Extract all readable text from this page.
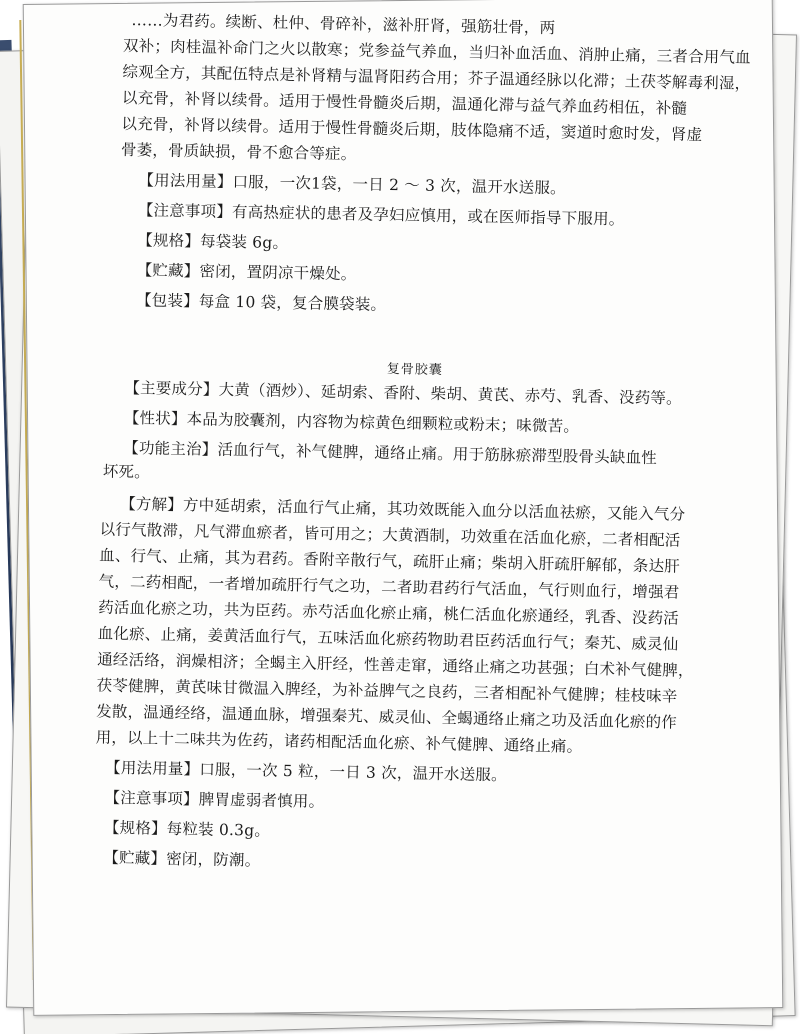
……为君药。续断、杜仲、骨碎补，滋补肝肾，强筋壮骨，两
双补；肉桂温补命门之火以散寒；党参益气养血，当归补血活血、消肿止痛，三者合用气血
综观全方，其配伍特点是补肾精与温肾阳药合用；芥子温通经脉以化滞；土茯苓解毒利湿，
以充骨，补肾以续骨。适用于慢性骨髓炎后期，温通化滞与益气养血药相伍，补髓
以充骨，补肾以续骨。适用于慢性骨髓炎后期，肢体隐痛不适，窦道时愈时发，肾虚
骨萎，骨质缺损，骨不愈合等症。
【用法用量】口服，一次1袋，一日 2 ～ 3 次，温开水送服。
【注意事项】有高热症状的患者及孕妇应慎用，或在医师指导下服用。
【规格】每袋装 6g。
【贮藏】密闭，置阴凉干燥处。
【包装】每盒 10 袋，复合膜袋装。
复骨胶囊
【主要成分】大黄（酒炒）、延胡索、香附、柴胡、黄芪、赤芍、乳香、没药等。
【性状】本品为胶囊剂，内容物为棕黄色细颗粒或粉末；味微苦。
【功能主治】活血行气，补气健脾，通络止痛。用于筋脉瘀滞型股骨头缺血性
坏死。
【方解】方中延胡索，活血行气止痛，其功效既能入血分以活血祛瘀，又能入气分
以行气散滞，凡气滞血瘀者，皆可用之；大黄酒制，功效重在活血化瘀，二者相配活
血、行气、止痛，其为君药。香附辛散行气，疏肝止痛；柴胡入肝疏肝解郁，条达肝
气，二药相配，一者增加疏肝行气之功，二者助君药行气活血，气行则血行，增强君
药活血化瘀之功，共为臣药。赤芍活血化瘀止痛，桃仁活血化瘀通经，乳香、没药活
血化瘀、止痛，姜黄活血行气，五味活血化瘀药物助君臣药活血行气；秦艽、威灵仙
通经活络，润燥相济；全蝎主入肝经，性善走窜，通络止痛之功甚强；白术补气健脾，
茯苓健脾，黄芪味甘微温入脾经，为补益脾气之良药，三者相配补气健脾；桂枝味辛
发散，温通经络，温通血脉，增强秦艽、威灵仙、全蝎通络止痛之功及活血化瘀的作
用，以上十二味共为佐药，诸药相配活血化瘀、补气健脾、通络止痛。
【用法用量】口服，一次 5 粒，一日 3 次，温开水送服。
【注意事项】脾胃虚弱者慎用。
【规格】每粒装 0.3g。
【贮藏】密闭，防潮。
